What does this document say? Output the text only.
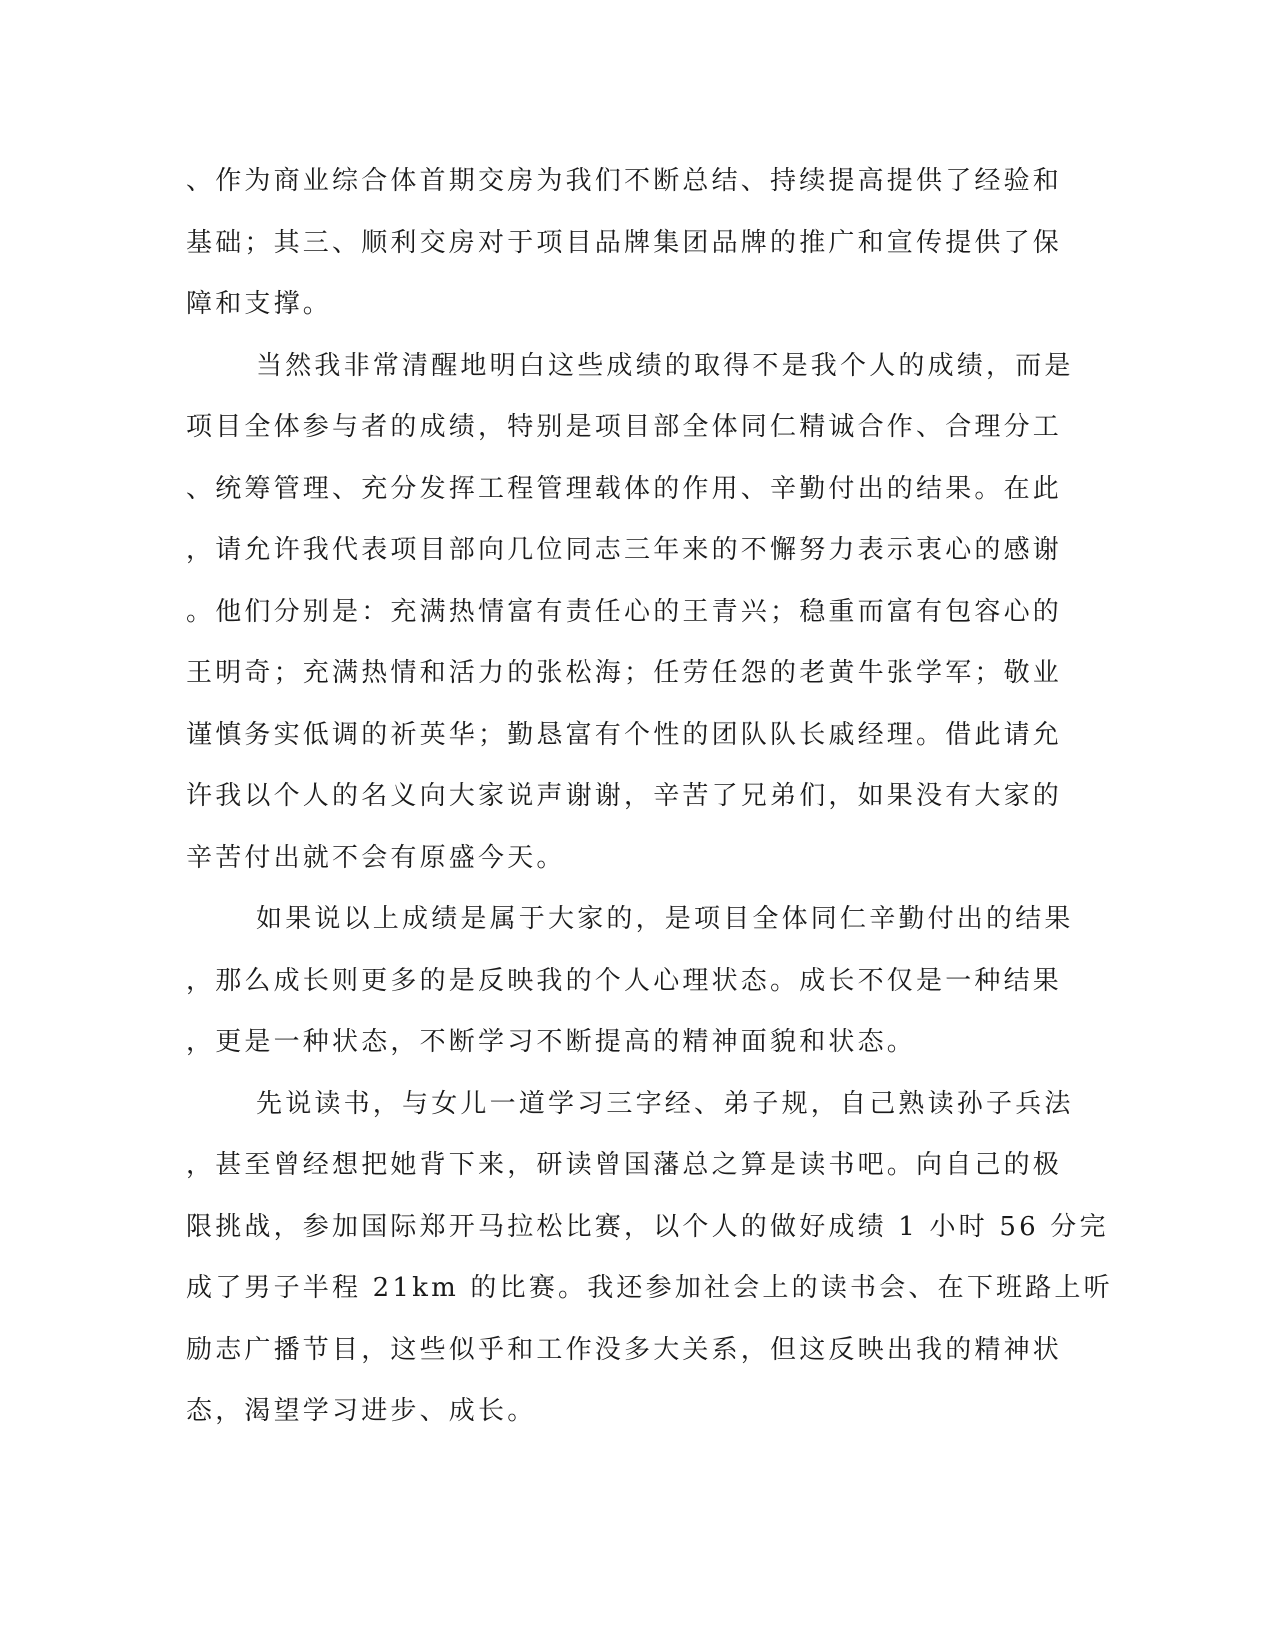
、作为商业综合体首期交房为我们不断总结、持续提高提供了经验和
基础；其三、顺利交房对于项目品牌集团品牌的推广和宣传提供了保
障和支撑。
当然我非常清醒地明白这些成绩的取得不是我个人的成绩，而是
项目全体参与者的成绩，特别是项目部全体同仁精诚合作、合理分工
、统筹管理、充分发挥工程管理载体的作用、辛勤付出的结果。在此
，请允许我代表项目部向几位同志三年来的不懈努力表示衷心的感谢
。他们分别是：充满热情富有责任心的王青兴；稳重而富有包容心的
王明奇；充满热情和活力的张松海；任劳任怨的老黄牛张学军；敬业
谨慎务实低调的祈英华；勤恳富有个性的团队队长戚经理。借此请允
许我以个人的名义向大家说声谢谢，辛苦了兄弟们，如果没有大家的
辛苦付出就不会有原盛今天。
如果说以上成绩是属于大家的，是项目全体同仁辛勤付出的结果
，那么成长则更多的是反映我的个人心理状态。成长不仅是一种结果
，更是一种状态，不断学习不断提高的精神面貌和状态。
先说读书，与女儿一道学习三字经、弟子规，自己熟读孙子兵法
，甚至曾经想把她背下来，研读曾国藩总之算是读书吧。向自己的极
限挑战，参加国际郑开马拉松比赛，以个人的做好成绩 1 小时 56 分完
成了男子半程 21km 的比赛。我还参加社会上的读书会、在下班路上听
励志广播节目，这些似乎和工作没多大关系，但这反映出我的精神状
态，渴望学习进步、成长。
